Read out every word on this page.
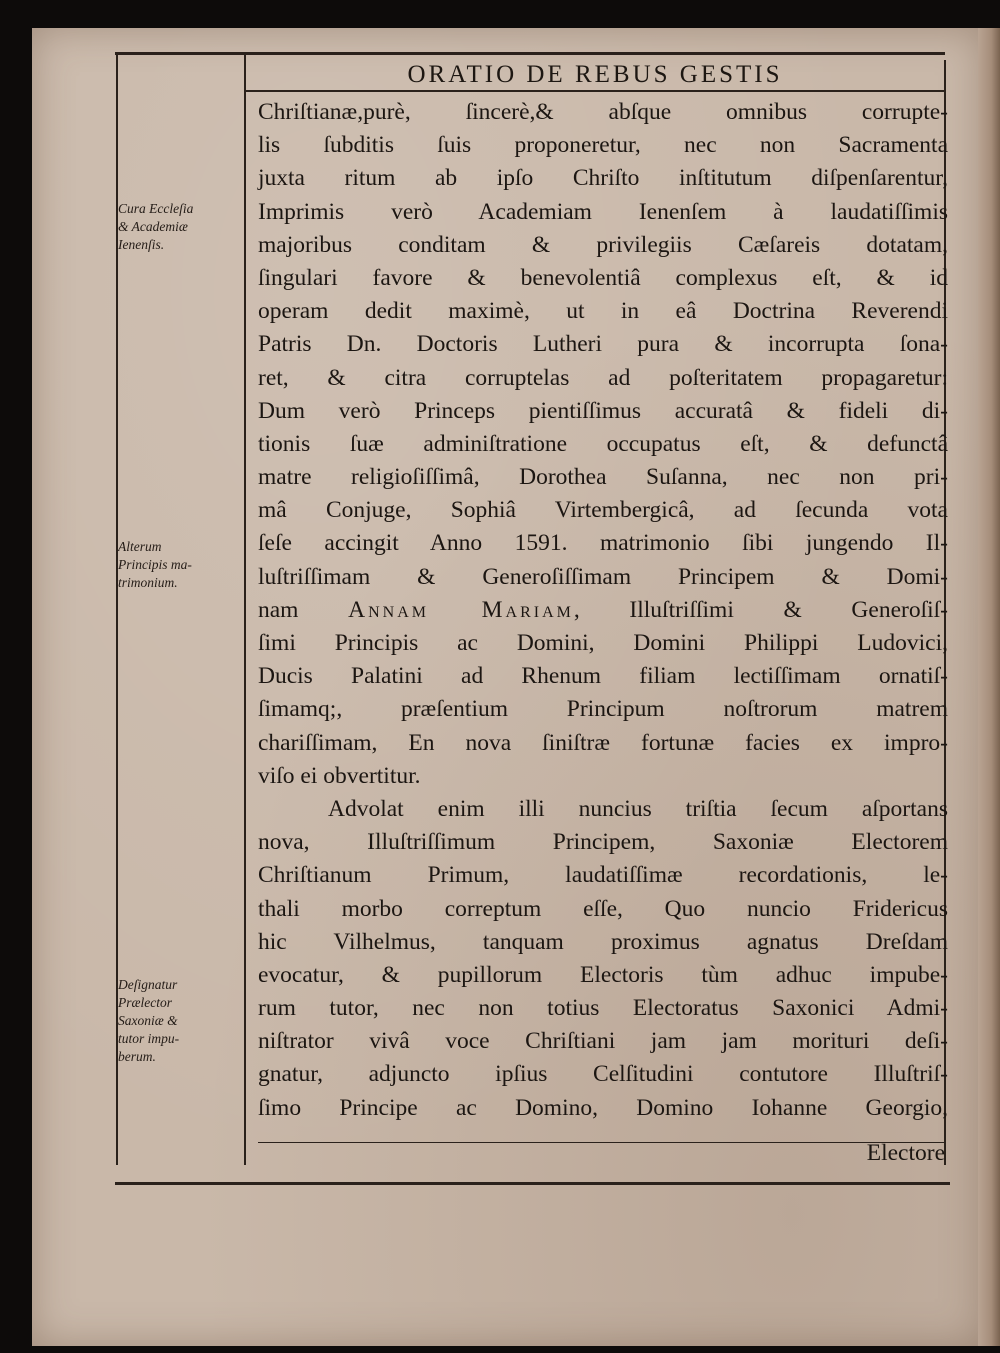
ORATIO DE REBUS GESTIS
Chriſtianæ,purè, ſincerè,& abſque omnibus corrupte-
lis ſubditis ſuis proponeretur, nec non Sacramenta
juxta ritum ab ipſo Chriſto inſtitutum diſpenſarentur,
Imprimis verò Academiam Ienenſem à laudatiſſimis
majoribus conditam & privilegiis Cæſareis dotatam,
ſingulari favore & benevolentiâ complexus eſt, & id
operam dedit maximè, ut in eâ Doctrina Reverendi
Patris Dn. Doctoris Lutheri pura & incorrupta ſona-
ret, & citra corruptelas ad poſteritatem propagaretur:
Dum verò Princeps pientiſſimus accuratâ & fideli di-
tionis ſuæ adminiſtratione occupatus eſt, & defunctâ
matre religioſiſſimâ, Dorothea Suſanna, nec non pri-
mâ Conjuge, Sophiâ Virtembergicâ, ad ſecunda vota
ſeſe accingit Anno 1591. matrimonio ſibi jungendo Il-
luſtriſſimam & Generoſiſſimam Principem & Domi-
nam Annam Mariam, Illuſtriſſimi & Generoſiſ-
ſimi Principis ac Domini, Domini Philippi Ludovici,
Ducis Palatini ad Rhenum filiam lectiſſimam ornatiſ-
ſimamq;, præſentium Principum noſtrorum matrem
chariſſimam, En nova ſiniſtræ fortunæ facies ex impro-
viſo ei obvertitur.
Advolat enim illi nuncius triſtia ſecum aſportans
nova, Illuſtriſſimum Principem, Saxoniæ Electorem
Chriſtianum Primum, laudatiſſimæ recordationis, le-
thali morbo correptum eſſe, Quo nuncio Fridericus
hic Vilhelmus, tanquam proximus agnatus Dreſdam
evocatur, & pupillorum Electoris tùm adhuc impube-
rum tutor, nec non totius Electoratus Saxonici Admi-
niſtrator vivâ voce Chriſtiani jam jam morituri deſi-
gnatur, adjuncto ipſius Celſitudini contutore Illuſtriſ-
ſimo Principe ac Domino, Domino Iohanne Georgio,
Electore
Cura Eccleſia
& Academiæ
Ienenſis.
Alterum
Principis ma-
trimonium.
Deſignatur
Prælector
Saxoniæ &
tutor impu-
berum.
